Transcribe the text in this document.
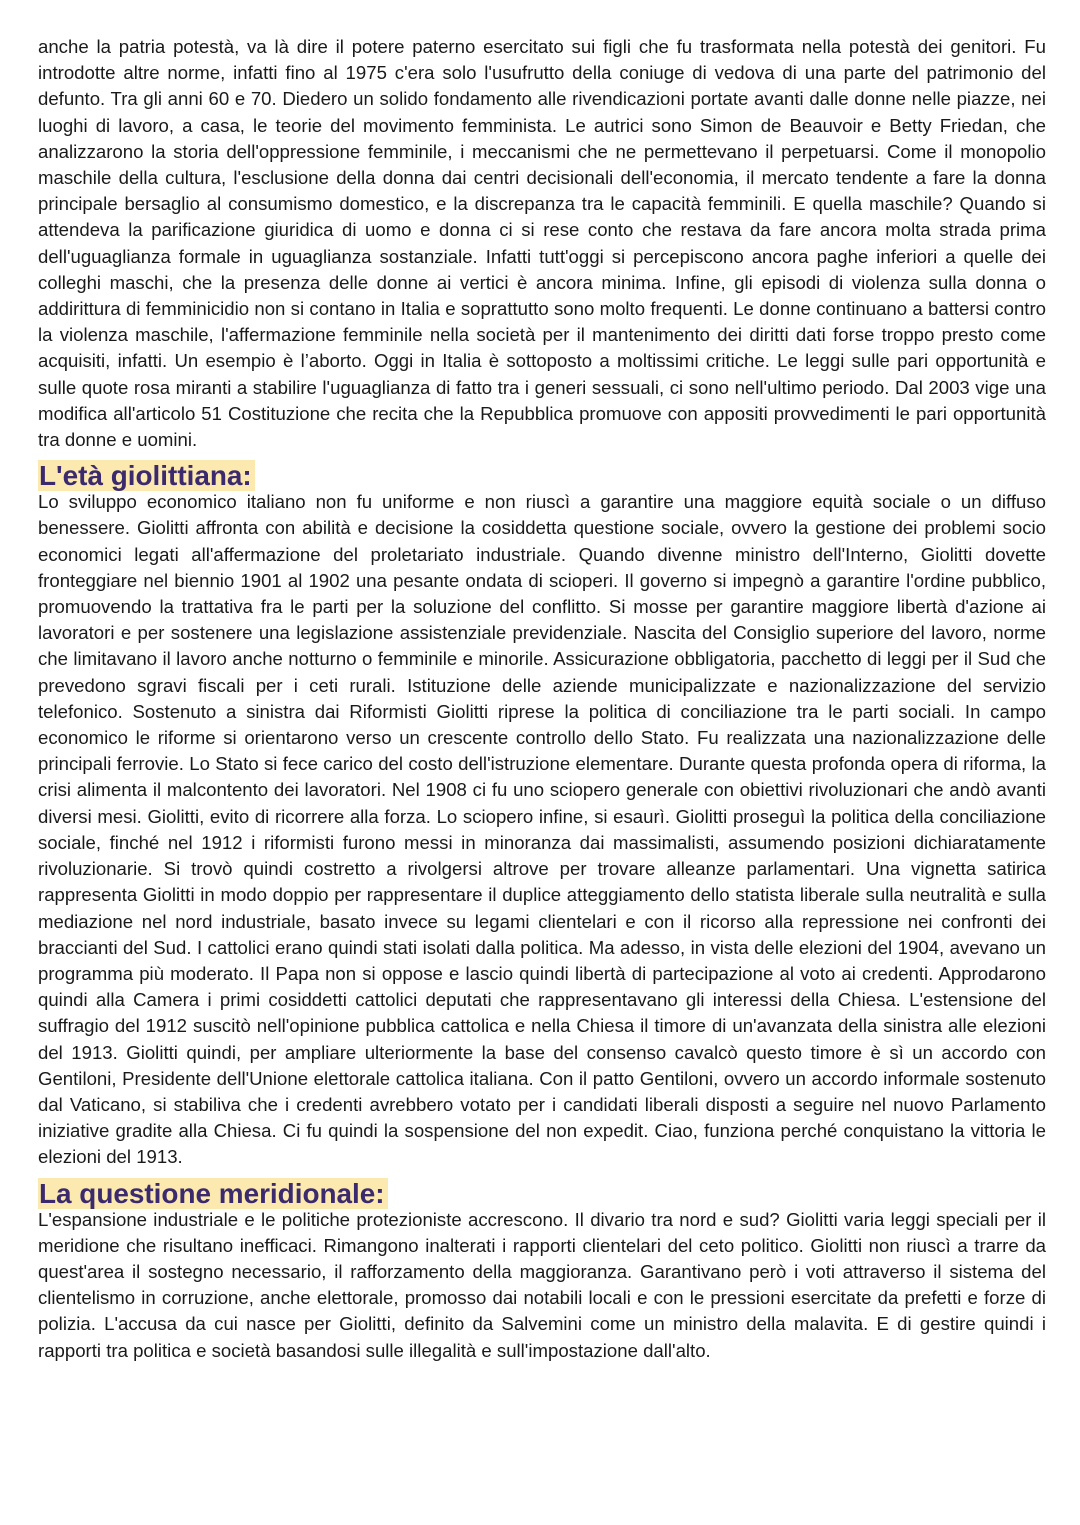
anche la patria potestà, va là dire il potere paterno esercitato sui figli che fu trasformata nella potestà dei genitori. Fu introdotte altre norme, infatti fino al 1975 c'era solo l'usufrutto della coniuge di vedova di una parte del patrimonio del defunto. Tra gli anni 60 e 70. Diedero un solido fondamento alle rivendicazioni portate avanti dalle donne nelle piazze, nei luoghi di lavoro, a casa, le teorie del movimento femminista. Le autrici sono Simon de Beauvoir e Betty Friedan, che analizzarono la storia dell'oppressione femminile, i meccanismi che ne permettevano il perpetuarsi. Come il monopolio maschile della cultura, l'esclusione della donna dai centri decisionali dell'economia, il mercato tendente a fare la donna principale bersaglio al consumismo domestico, e la discrepanza tra le capacità femminili. E quella maschile? Quando si attendeva la parificazione giuridica di uomo e donna ci si rese conto che restava da fare ancora molta strada prima dell'uguaglianza formale in uguaglianza sostanziale. Infatti tutt'oggi si percepiscono ancora paghe inferiori a quelle dei colleghi maschi, che la presenza delle donne ai vertici è ancora minima. Infine, gli episodi di violenza sulla donna o addirittura di femminicidio non si contano in Italia e soprattutto sono molto frequenti. Le donne continuano a battersi contro la violenza maschile, l'affermazione femminile nella società per il mantenimento dei diritti dati forse troppo presto come acquisiti, infatti. Un esempio è l’aborto. Oggi in Italia è sottoposto a moltissimi critiche. Le leggi sulle pari opportunità e sulle quote rosa miranti a stabilire l'uguaglianza di fatto tra i generi sessuali, ci sono nell'ultimo periodo. Dal 2003 vige una modifica all'articolo 51 Costituzione che recita che la Repubblica promuove con appositi provvedimenti le pari opportunità tra donne e uomini.

L'età giolittiana:

Lo sviluppo economico italiano non fu uniforme e non riuscì a garantire una maggiore equità sociale o un diffuso benessere. Giolitti affronta con abilità e decisione la cosiddetta questione sociale, ovvero la gestione dei problemi socio economici legati all'affermazione del proletariato industriale. Quando divenne ministro dell'Interno, Giolitti dovette fronteggiare nel biennio 1901 al 1902 una pesante ondata di scioperi. Il governo si impegnò a garantire l'ordine pubblico, promuovendo la trattativa fra le parti per la soluzione del conflitto. Si mosse per garantire maggiore libertà d'azione ai lavoratori e per sostenere una legislazione assistenziale previdenziale. Nascita del Consiglio superiore del lavoro, norme che limitavano il lavoro anche notturno o femminile e minorile. Assicurazione obbligatoria, pacchetto di leggi per il Sud che prevedono sgravi fiscali per i ceti rurali. Istituzione delle aziende municipalizzate e nazionalizzazione del servizio telefonico. Sostenuto a sinistra dai Riformisti Giolitti riprese la politica di conciliazione tra le parti sociali. In campo economico le riforme si orientarono verso un crescente controllo dello Stato. Fu realizzata una nazionalizzazione delle principali ferrovie. Lo Stato si fece carico del costo dell'istruzione elementare. Durante questa profonda opera di riforma, la crisi alimenta il malcontento dei lavoratori. Nel 1908 ci fu uno sciopero generale con obiettivi rivoluzionari che andò avanti diversi mesi. Giolitti, evito di ricorrere alla forza. Lo sciopero infine, si esaurì. Giolitti proseguì la politica della conciliazione sociale, finché nel 1912 i riformisti furono messi in minoranza dai massimalisti, assumendo posizioni dichiaratamente rivoluzionarie. Si trovò quindi costretto a rivolgersi altrove per trovare alleanze parlamentari. Una vignetta satirica rappresenta Giolitti in modo doppio per rappresentare il duplice atteggiamento dello statista liberale sulla neutralità e sulla mediazione nel nord industriale, basato invece su legami clientelari e con il ricorso alla repressione nei confronti dei braccianti del Sud. I cattolici erano quindi stati isolati dalla politica. Ma adesso, in vista delle elezioni del 1904, avevano un programma più moderato. Il Papa non si oppose e lascio quindi libertà di partecipazione al voto ai credenti. Approdarono quindi alla Camera i primi cosiddetti cattolici deputati che rappresentavano gli interessi della Chiesa. L'estensione del suffragio del 1912 suscitò nell'opinione pubblica cattolica e nella Chiesa il timore di un'avanzata della sinistra alle elezioni del 1913. Giolitti quindi, per ampliare ulteriormente la base del consenso cavalcò questo timore è sì un accordo con Gentiloni, Presidente dell'Unione elettorale cattolica italiana. Con il patto Gentiloni, ovvero un accordo informale sostenuto dal Vaticano, si stabiliva che i credenti avrebbero votato per i candidati liberali disposti a seguire nel nuovo Parlamento iniziative gradite alla Chiesa. Ci fu quindi la sospensione del non expedit. Ciao, funziona perché conquistano la vittoria le elezioni del 1913.

La questione meridionale:

L'espansione industriale e le politiche protezioniste accrescono. Il divario tra nord e sud? Giolitti varia leggi speciali per il meridione che risultano inefficaci. Rimangono inalterati i rapporti clientelari del ceto politico. Giolitti non riuscì a trarre da quest'area il sostegno necessario, il rafforzamento della maggioranza. Garantivano però i voti attraverso il sistema del clientelismo in corruzione, anche elettorale, promosso dai notabili locali e con le pressioni esercitate da prefetti e forze di polizia. L'accusa da cui nasce per Giolitti, definito da Salvemini come un ministro della malavita. E di gestire quindi i rapporti tra politica e società basandosi sulle illegalità e sull'impostazione dall'alto.
